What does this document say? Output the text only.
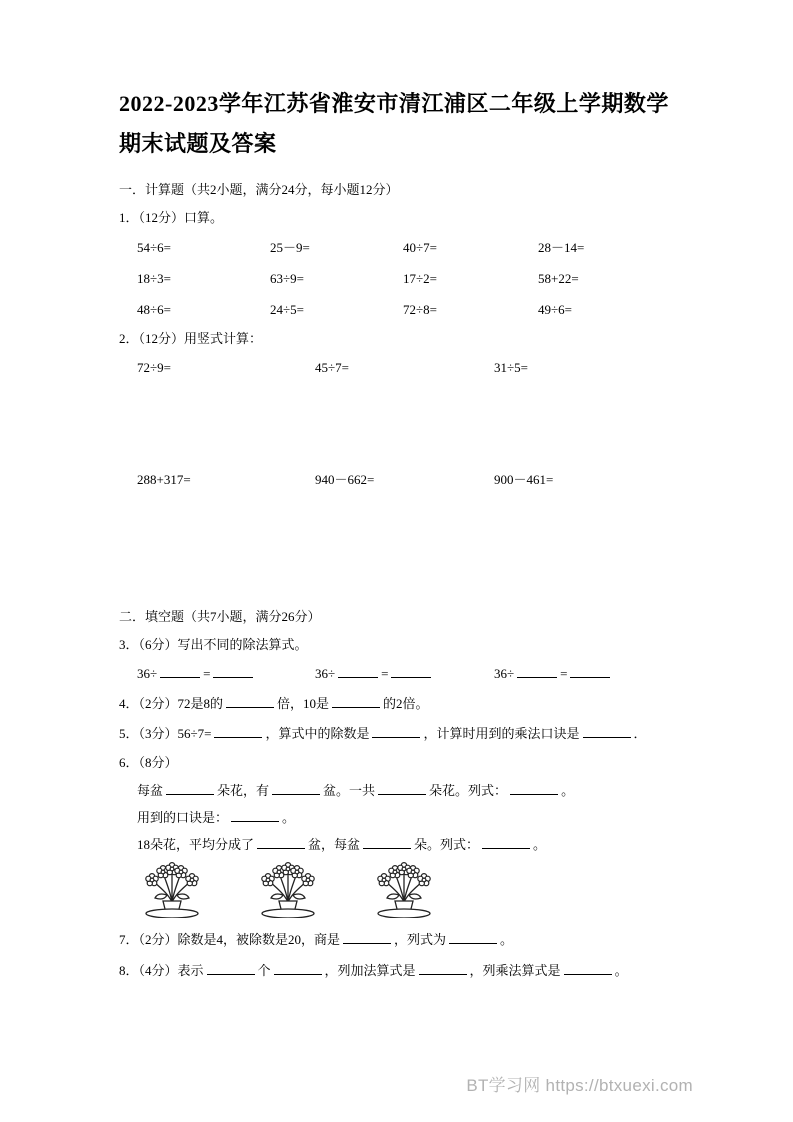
2022-2023学年江苏省淮安市清江浦区二年级上学期数学期末试题及答案
一．计算题（共2小题，满分24分，每小题12分）
1．（12分）口算。
54÷6=	25－9=	40÷7=	28－14=
18÷3=	63÷9=	17÷2=	58+22=
48÷6=	24÷5=	72÷8=	49÷6=
2．（12分）用竖式计算：
72÷9=	45÷7=	31÷5=
288+317=	940－662=	900－461=
二．填空题（共7小题，满分26分）
3．（6分）写出不同的除法算式。
36÷	=	36÷	=	36÷	=
4．（2分）72是8的	倍，10是	的2倍。
5．（3分）56÷7=	，算式中的除数是	，计算时用到的乘法口诀是	．
6．（8分）
每盆	朵花，有	盆。一共	朵花。列式：	。
用到的口诀是：	。
18朵花，平均分成了	盆，每盆	朵。列式：	。
7．（2分）除数是4，被除数是20，商是	，列式为	。
8．（4分）表示	个	，列加法算式是	，列乘法算式是	。
BT学习网 https://btxuexi.com
